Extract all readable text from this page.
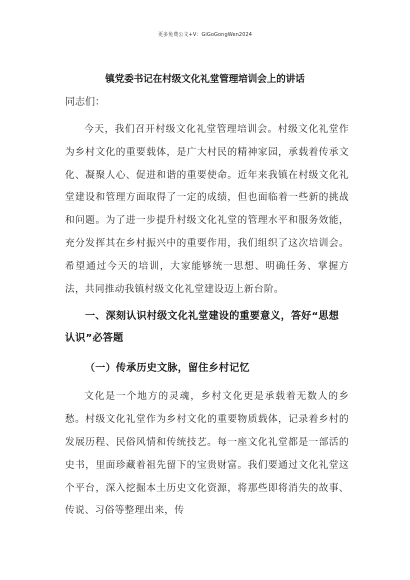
更多免费公文+V：GiGoGongWen2024
镇党委书记在村级文化礼堂管理培训会上的讲话

同志们：

今天，我们召开村级文化礼堂管理培训会。村级文化礼堂作为乡村文化的重要载体，是广大村民的精神家园，承载着传承文化、凝聚人心、促进和谐的重要使命。近年来我镇在村级文化礼堂建设和管理方面取得了一定的成绩，但也面临着一些新的挑战和问题。为了进一步提升村级文化礼堂的管理水平和服务效能，充分发挥其在乡村振兴中的重要作用，我们组织了这次培训会。希望通过今天的培训，大家能够统一思想、明确任务、掌握方法，共同推动我镇村级文化礼堂建设迈上新台阶。

一、深刻认识村级文化礼堂建设的重要意义，答好“思想认识”必答题

（一）传承历史文脉，留住乡村记忆

文化是一个地方的灵魂，乡村文化更是承载着无数人的乡愁。村级文化礼堂作为乡村文化的重要物质载体，记录着乡村的发展历程、民俗风情和传统技艺。每一座文化礼堂都是一部活的史书，里面珍藏着祖先留下的宝贵财富。我们要通过文化礼堂这个平台，深入挖掘本土历史文化资源，将那些即将消失的故事、传说、习俗等整理出来，传
